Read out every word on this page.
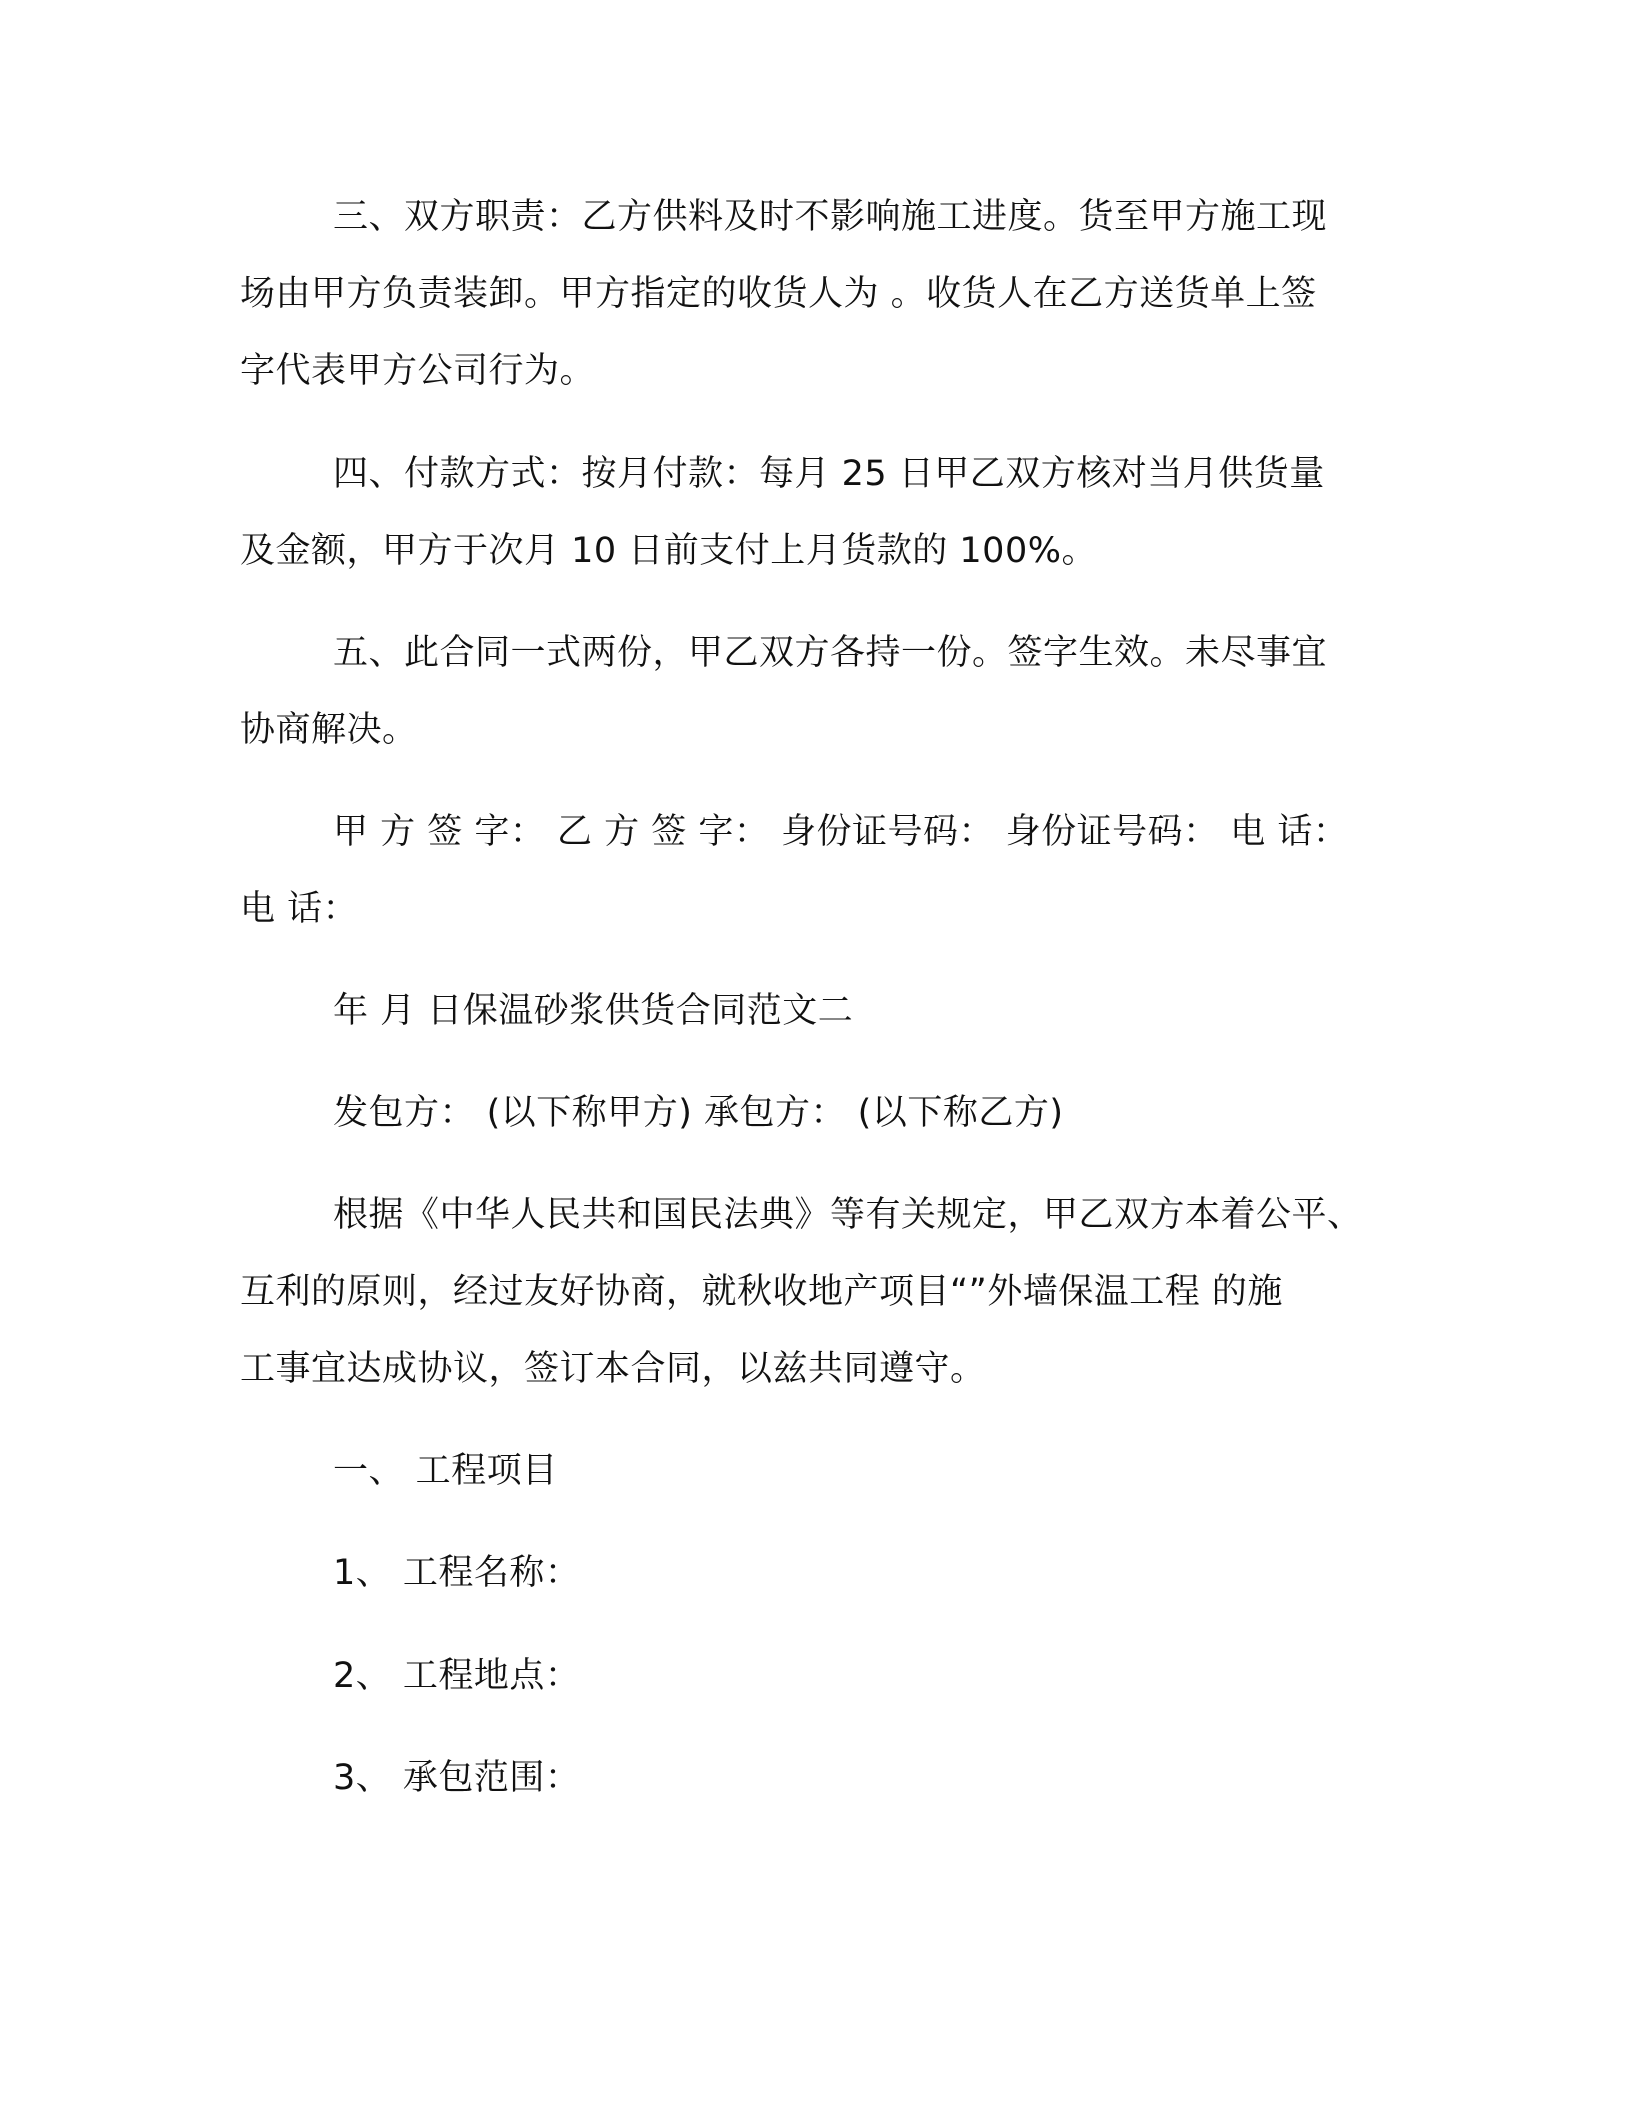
三、双方职责：乙方供料及时不影响施工进度。货至甲方施工现
场由甲方负责装卸。甲方指定的收货人为 。收货人在乙方送货单上签
字代表甲方公司行为。
四、付款方式：按月付款：每月 25 日甲乙双方核对当月供货量
及金额，甲方于次月 10 日前支付上月货款的 100%。
五、此合同一式两份，甲乙双方各持一份。签字生效。未尽事宜
协商解决。
甲 方 签 字： 乙 方 签 字： 身份证号码： 身份证号码： 电 话：
电 话：
年 月 日保温砂浆供货合同范文二
发包方： (以下称甲方) 承包方： (以下称乙方)
根据《中华人民共和国民法典》等有关规定，甲乙双方本着公平、
互利的原则，经过友好协商，就秋收地产项目“”外墙保温工程 的施
工事宜达成协议，签订本合同，以兹共同遵守。
一、 工程项目
1、 工程名称：
2、 工程地点：
3、 承包范围：
